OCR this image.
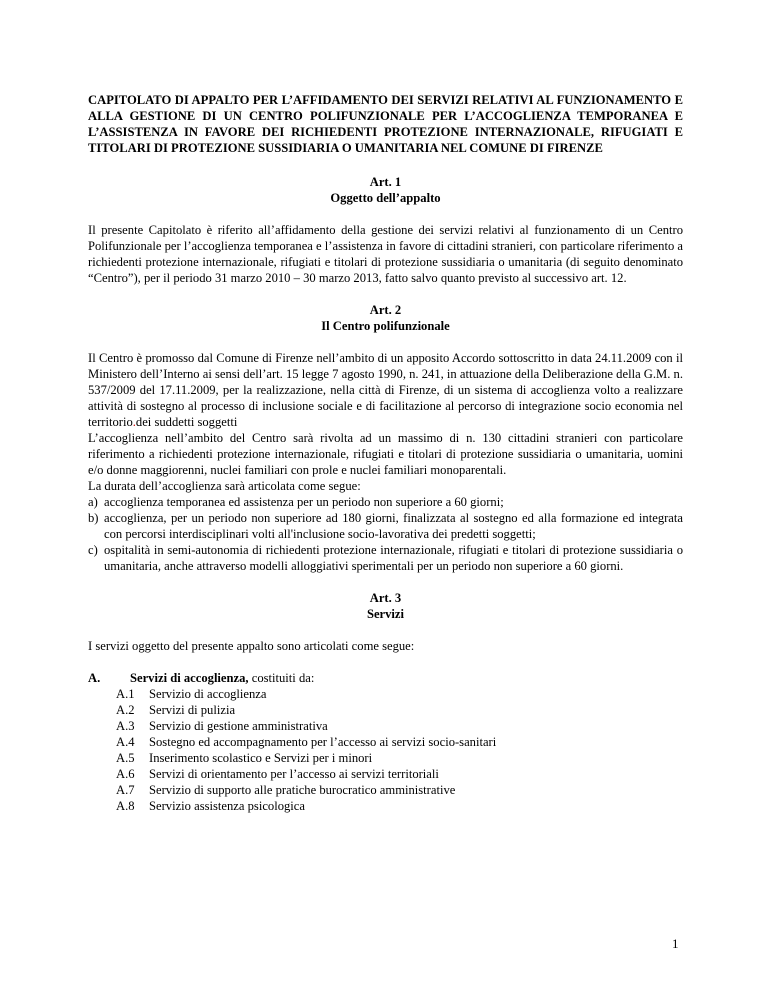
CAPITOLATO DI APPALTO PER L’AFFIDAMENTO DEI SERVIZI RELATIVI AL FUNZIONAMENTO E ALLA GESTIONE DI UN CENTRO POLIFUNZIONALE PER L’ACCOGLIENZA TEMPORANEA E L’ASSISTENZA IN FAVORE DEI RICHIEDENTI PROTEZIONE INTERNAZIONALE, RIFUGIATI E TITOLARI DI PROTEZIONE SUSSIDIARIA O UMANITARIA NEL COMUNE DI FIRENZE
Art. 1
Oggetto dell’appalto
Il presente Capitolato è riferito all’affidamento della gestione dei servizi relativi al funzionamento di un Centro Polifunzionale per l’accoglienza temporanea e l’assistenza in favore di cittadini stranieri, con particolare riferimento a richiedenti protezione internazionale, rifugiati e titolari di protezione sussidiaria o umanitaria (di seguito denominato “Centro”), per il periodo 31 marzo 2010 – 30 marzo 2013, fatto salvo quanto previsto al successivo art. 12.
Art. 2
Il Centro polifunzionale
Il Centro è promosso dal Comune di Firenze nell’ambito di un apposito Accordo sottoscritto in data 24.11.2009 con il Ministero dell’Interno ai sensi dell’art. 15 legge 7 agosto 1990, n. 241, in attuazione della Deliberazione della G.M. n. 537/2009 del 17.11.2009, per la realizzazione, nella città di Firenze, di un sistema di accoglienza volto a realizzare attività di sostegno al processo di inclusione sociale e di facilitazione al percorso di integrazione socio economia nel territorio.dei suddetti soggetti
L’accoglienza nell’ambito del Centro sarà rivolta ad un massimo di n. 130 cittadini stranieri con particolare riferimento a richiedenti protezione internazionale, rifugiati e titolari di protezione sussidiaria o umanitaria, uomini e/o donne maggiorenni, nuclei familiari con prole e nuclei familiari monoparentali.
La durata dell’accoglienza sarà articolata come segue:
a) accoglienza temporanea ed assistenza per un periodo non superiore a 60 giorni;
b) accoglienza, per un periodo non superiore ad 180 giorni, finalizzata al sostegno ed alla formazione ed integrata con percorsi interdisciplinari volti all'inclusione socio-lavorativa dei predetti soggetti;
c) ospitalità in semi-autonomia di richiedenti protezione internazionale, rifugiati e titolari di protezione sussidiaria o umanitaria, anche attraverso modelli alloggiativi sperimentali per un periodo non superiore a 60 giorni.
Art. 3
Servizi
I servizi oggetto del presente appalto sono articolati come segue:
A.	Servizi di accoglienza, costituiti da:
A.1	Servizio di accoglienza
A.2	Servizi di pulizia
A.3	Servizio di gestione amministrativa
A.4	Sostegno ed accompagnamento per l’accesso ai servizi socio-sanitari
A.5	Inserimento scolastico e Servizi per i minori
A.6	Servizi di orientamento per l’accesso ai servizi territoriali
A.7	Servizio di supporto alle pratiche burocratico amministrative
A.8	Servizio assistenza psicologica
1
